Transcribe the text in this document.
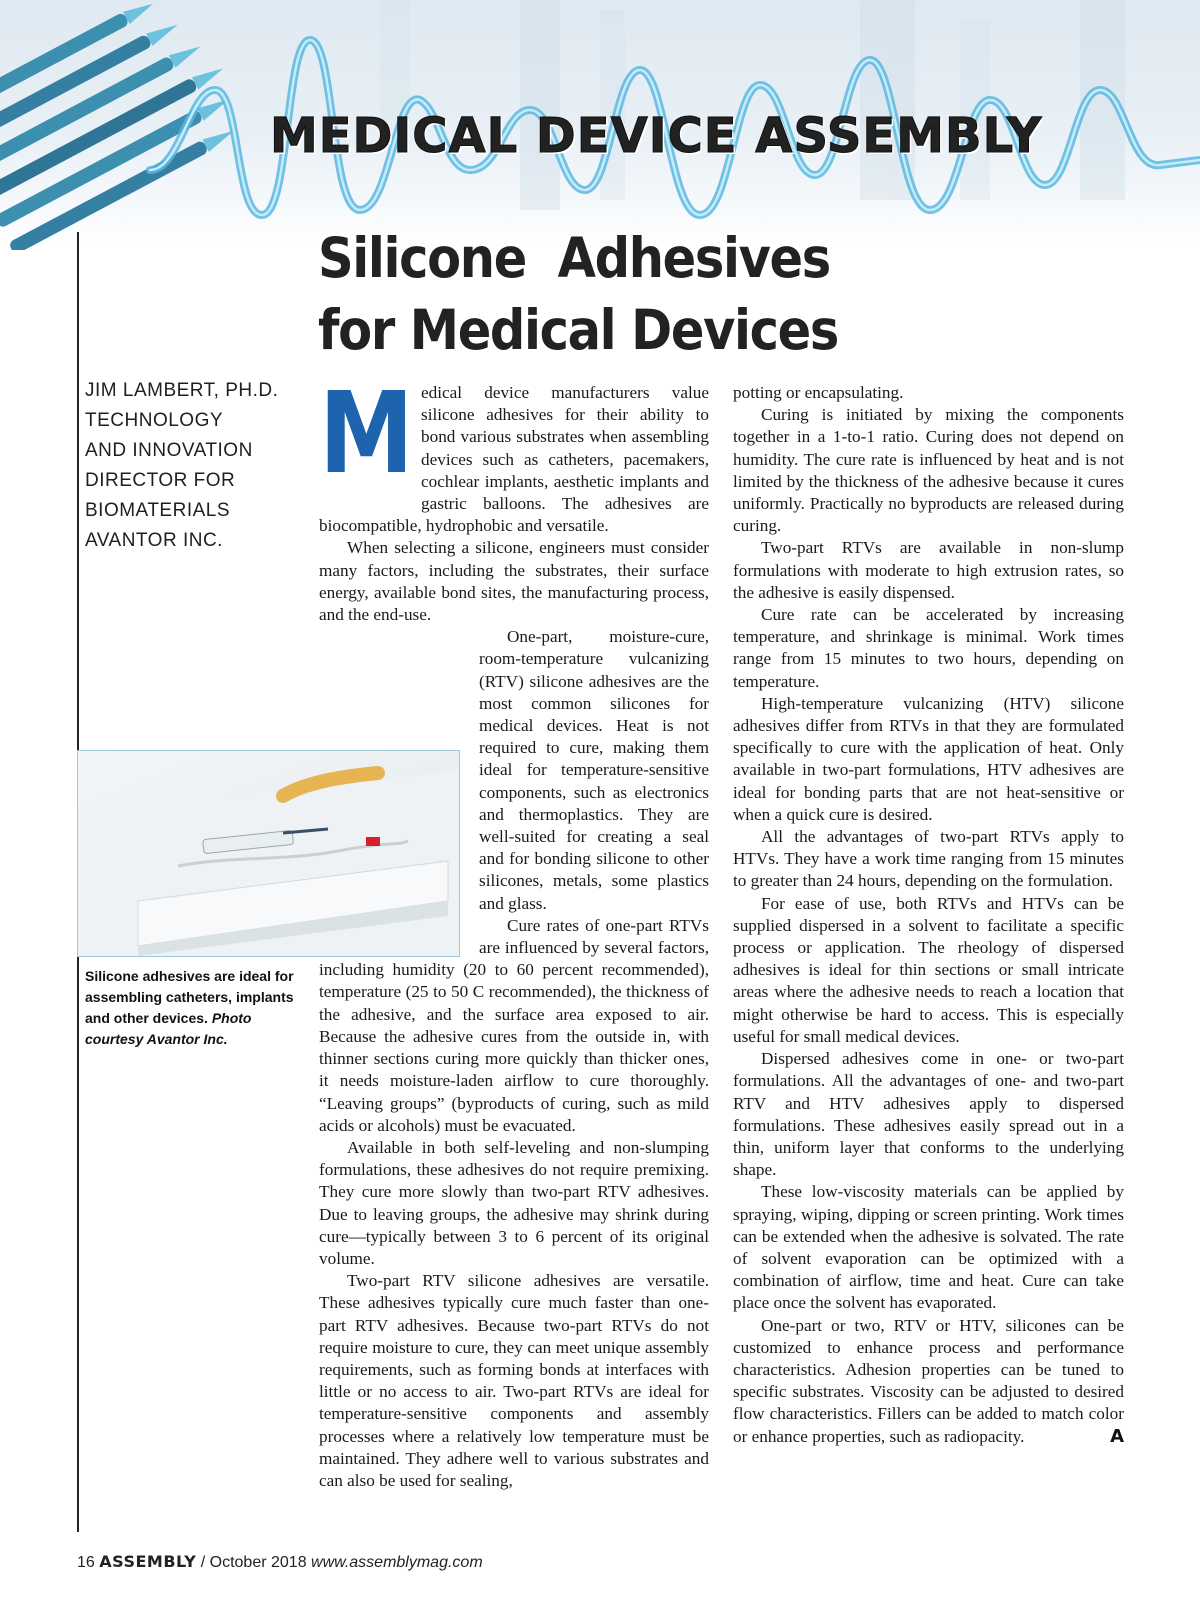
MEDICAL DEVICE ASSEMBLY
Silicone  Adhesives
for Medical Devices
JIM LAMBERT, PH.D.
TECHNOLOGY
AND INNOVATION
DIRECTOR FOR
BIOMATERIALS
AVANTOR INC.

Silicone adhesives are ideal for assembling catheters, implants and other devices. Photo courtesy Avantor Inc.

Medical device manufacturers value silicone adhesives for their ability to bond various substrates when assembling devices such as catheters, pacemakers, cochlear implants, aesthetic implants and gastric balloons. The adhesives are biocompatible, hydrophobic and versatile.

When selecting a silicone, engineers must consider many factors, including the substrates, their surface energy, available bond sites, the manufacturing process, and the end-use.

One-part, moisture-cure, room-temperature vulcanizing (RTV) silicone adhesives are the most common silicones for medical devices. Heat is not required to cure, making them ideal for temperature-sensitive components, such as electronics and thermoplastics. They are well-suited for creating a seal and for bonding silicone to other silicones, metals, some plastics and glass.

Cure rates of one-part RTVs are influenced by several factors, including humidity (20 to 60 percent recommended), temperature (25 to 50 C recommended), the thickness of the adhesive, and the surface area exposed to air. Because the adhesive cures from the outside in, with thinner sections curing more quickly than thicker ones, it needs moisture-laden airflow to cure thoroughly. “Leaving groups” (byproducts of curing, such as mild acids or alcohols) must be evacuated.

Available in both self-leveling and non-slumping formulations, these adhesives do not require premixing. They cure more slowly than two-part RTV adhesives. Due to leaving groups, the adhesive may shrink during cure—typically between 3 to 6 percent of its original volume.

Two-part RTV silicone adhesives are versatile. These adhesives typically cure much faster than one-part RTV adhesives. Because two-part RTVs do not require moisture to cure, they can meet unique assembly requirements, such as forming bonds at interfaces with little or no access to air. Two-part RTVs are ideal for temperature-sensitive components and assembly processes where a relatively low temperature must be maintained. They adhere well to various substrates and can also be used for sealing,

potting or encapsulating.

Curing is initiated by mixing the components together in a 1-to-1 ratio. Curing does not depend on humidity. The cure rate is influenced by heat and is not limited by the thickness of the adhesive because it cures uniformly. Practically no byproducts are released during curing.

Two-part RTVs are available in non-slump formulations with moderate to high extrusion rates, so the adhesive is easily dispensed.

Cure rate can be accelerated by increasing temperature, and shrinkage is minimal. Work times range from 15 minutes to two hours, depending on temperature.

High-temperature vulcanizing (HTV) silicone adhesives differ from RTVs in that they are formulated specifically to cure with the application of heat. Only available in two-part formulations, HTV adhesives are ideal for bonding parts that are not heat-sensitive or when a quick cure is desired.

All the advantages of two-part RTVs apply to HTVs. They have a work time ranging from 15 minutes to greater than 24 hours, depending on the formulation.

For ease of use, both RTVs and HTVs can be supplied dispersed in a solvent to facilitate a specific process or application. The rheology of dispersed adhesives is ideal for thin sections or small intricate areas where the adhesive needs to reach a location that might otherwise be hard to access. This is especially useful for small medical devices.

Dispersed adhesives come in one- or two-part formulations. All the advantages of one- and two-part RTV and HTV adhesives apply to dispersed formulations. These adhesives easily spread out in a thin, uniform layer that conforms to the underlying shape.

These low-viscosity materials can be applied by spraying, wiping, dipping or screen printing. Work times can be extended when the adhesive is solvated. The rate of solvent evaporation can be optimized with a combination of airflow, time and heat. Cure can take place once the solvent has evaporated.

One-part or two, RTV or HTV, silicones can be customized to enhance process and performance characteristics. Adhesion properties can be tuned to specific substrates. Viscosity can be adjusted to desired flow characteristics. Fillers can be added to match color or enhance properties, such as radiopacity.	A

16 ASSEMBLY / October 2018 www.assemblymag.com
